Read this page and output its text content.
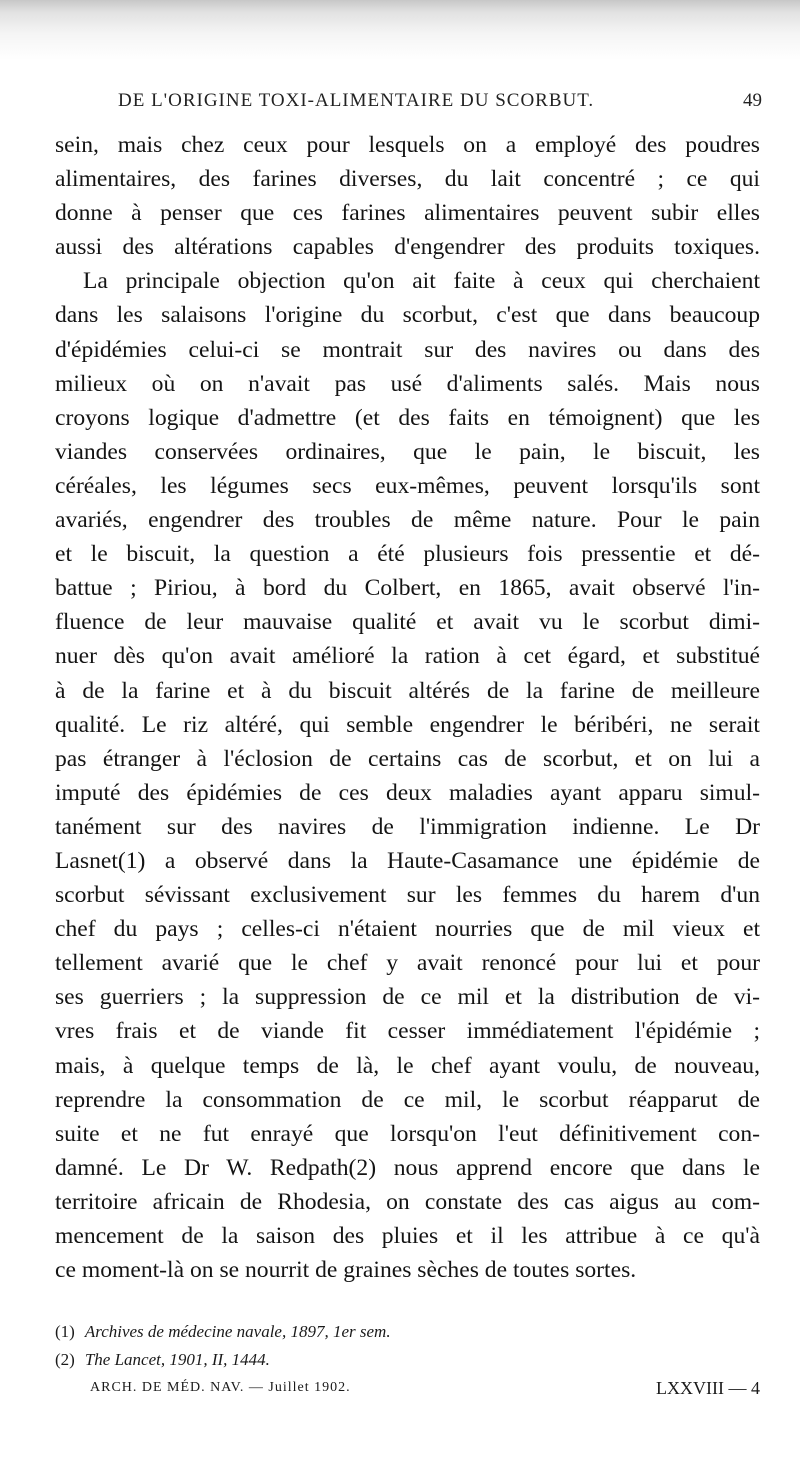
DE L'ORIGINE TOXI-ALIMENTAIRE DU SCORBUT.	49
sein, mais chez ceux pour lesquels on a employé des poudres
alimentaires, des farines diverses, du lait concentré ; ce qui
donne à penser que ces farines alimentaires peuvent subir elles
aussi des altérations capables d'engendrer des produits toxiques.
La principale objection qu'on ait faite à ceux qui cherchaient
dans les salaisons l'origine du scorbut, c'est que dans beaucoup
d'épidémies celui-ci se montrait sur des navires ou dans des
milieux où on n'avait pas usé d'aliments salés. Mais nous
croyons logique d'admettre (et des faits en témoignent) que les
viandes conservées ordinaires, que le pain, le biscuit, les
céréales, les légumes secs eux-mêmes, peuvent lorsqu'ils sont
avariés, engendrer des troubles de même nature. Pour le pain
et le biscuit, la question a été plusieurs fois pressentie et dé-
battue ; Piriou, à bord du Colbert, en 1865, avait observé l'in-
fluence de leur mauvaise qualité et avait vu le scorbut dimi-
nuer dès qu'on avait amélioré la ration à cet égard, et substitué
à de la farine et à du biscuit altérés de la farine de meilleure
qualité. Le riz altéré, qui semble engendrer le béribéri, ne serait
pas étranger à l'éclosion de certains cas de scorbut, et on lui a
imputé des épidémies de ces deux maladies ayant apparu simul-
tanément sur des navires de l'immigration indienne. Le Dr
Lasnet(1) a observé dans la Haute-Casamance une épidémie de
scorbut sévissant exclusivement sur les femmes du harem d'un
chef du pays ; celles-ci n'étaient nourries que de mil vieux et
tellement avarié que le chef y avait renoncé pour lui et pour
ses guerriers ; la suppression de ce mil et la distribution de vi-
vres frais et de viande fit cesser immédiatement l'épidémie ;
mais, à quelque temps de là, le chef ayant voulu, de nouveau,
reprendre la consommation de ce mil, le scorbut réapparut de
suite et ne fut enrayé que lorsqu'on l'eut définitivement con-
damné. Le Dr W. Redpath(2) nous apprend encore que dans le
territoire africain de Rhodesia, on constate des cas aigus au com-
mencement de la saison des pluies et il les attribue à ce qu'à
ce moment-là on se nourrit de graines sèches de toutes sortes.
(1) Archives de médecine navale, 1897, 1er sem.
(2) The Lancet, 1901, II, 1444.
ARCH. DE MÉD. NAV. — Juillet 1902.	LXXVIII — 4
